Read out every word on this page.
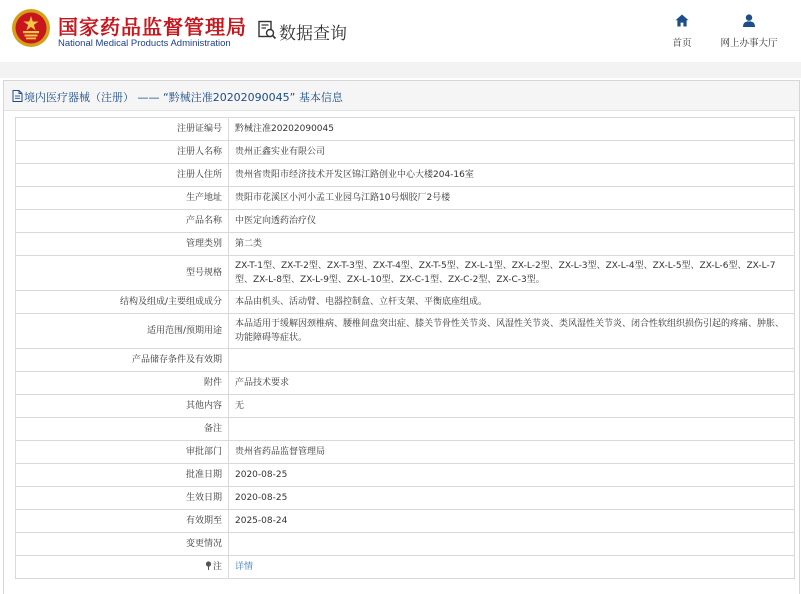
国家药品监督管理局
National Medical Products Administration	数据查询	首页	网上办事大厅
境内医疗器械（注册） —— “黔械注准20202090045” 基本信息
注册证编号	黔械注准20202090045
注册人名称	贵州正鑫实业有限公司
注册人住所	贵州省贵阳市经济技术开发区锦江路创业中心大楼204-16室
生产地址	贵阳市花溪区小河小孟工业园乌江路10号烟胶厂2号楼
产品名称	中医定向透药治疗仪
管理类别	第二类
型号规格	ZX-T-1型、ZX-T-2型、ZX-T-3型、ZX-T-4型、ZX-T-5型、ZX-L-1型、ZX-L-2型、ZX-L-3型、ZX-L-4型、ZX-L-5型、ZX-L-6型、ZX-L-7型、ZX-L-8型、ZX-L-9型、ZX-L-10型、ZX-C-1型、ZX-C-2型、ZX-C-3型。
结构及组成/主要组成成分	本品由机头、活动臂、电器控制盒、立杆支架、平衡底座组成。
适用范围/预期用途	本品适用于缓解因颈椎病、腰椎间盘突出症、膝关节骨性关节炎、风湿性关节炎、类风湿性关节炎、闭合性软组织损伤引起的疼痛、肿胀、功能障碍等症状。
产品储存条件及有效期	
附件	产品技术要求
其他内容	无
备注	
审批部门	贵州省药品监督管理局
批准日期	2020-08-25
生效日期	2020-08-25
有效期至	2025-08-24
变更情况	
注	详情
